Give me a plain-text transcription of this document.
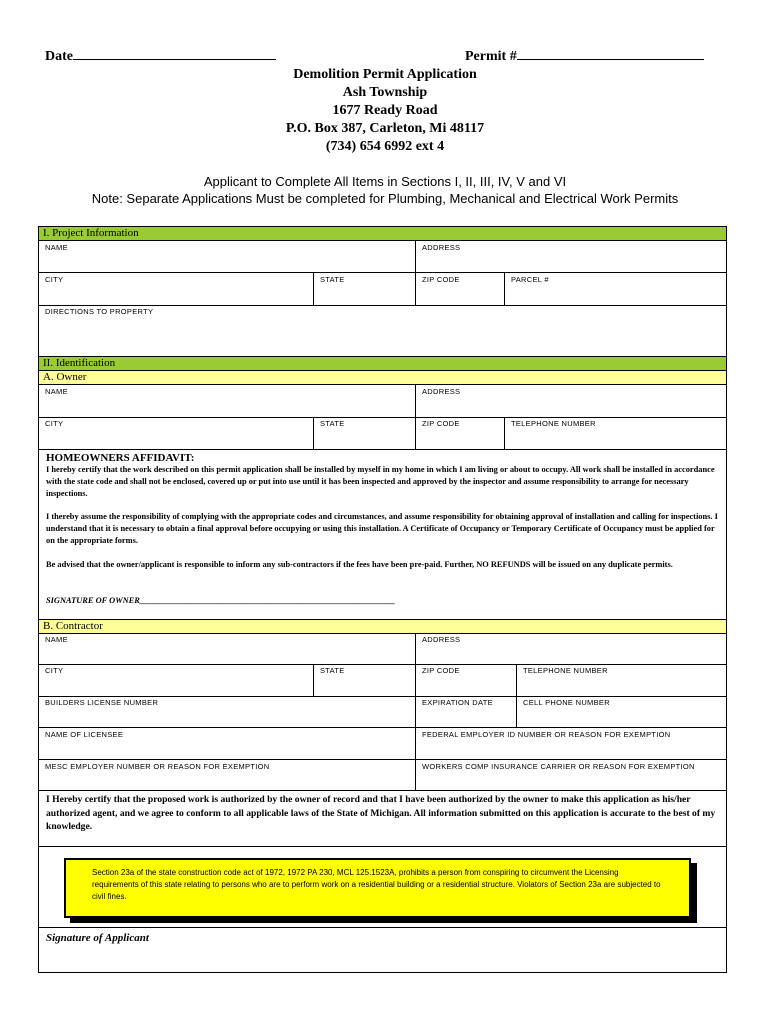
Date	Permit #
Demolition Permit Application
Ash Township
1677 Ready Road
P.O. Box 387, Carleton, Mi 48117
(734) 654 6992 ext 4
Applicant to Complete All Items in Sections I, II, III, IV, V and VI
Note: Separate Applications Must be completed for Plumbing, Mechanical and Electrical Work Permits
I. Project Information
NAME	ADDRESS
CITY	STATE	ZIP CODE	PARCEL #
DIRECTIONS TO PROPERTY
II. Identification
A. Owner
NAME	ADDRESS
CITY	STATE	ZIP CODE	TELEPHONE NUMBER
HOMEOWNERS AFFIDAVIT:
I hereby certify that the work described on this permit application shall be installed by myself in my home in which I am living or about to occupy. All work shall be installed in accordance with the state code and shall not be enclosed, covered up or put into use until it has been inspected and approved by the inspector and assume responsibility to arrange for necessary inspections.
I thereby assume the responsibility of complying with the appropriate codes and circumstances, and assume responsibility for obtaining approval of installation and calling for inspections. I understand that it is necessary to obtain a final approval before occupying or using this installation. A Certificate of Occupancy or Temporary Certificate of Occupancy must be applied for on the appropriate forms.
Be advised that the owner/applicant is responsible to inform any sub-contractors if the fees have been pre-paid. Further, NO REFUNDS will be issued on any duplicate permits.
SIGNATURE OF OWNER_____________________________________________________________
B. Contractor
NAME	ADDRESS
CITY	STATE	ZIP CODE	TELEPHONE NUMBER
BUILDERS LICENSE NUMBER	EXPIRATION DATE	CELL PHONE NUMBER
NAME OF LICENSEE	FEDERAL EMPLOYER ID NUMBER OR REASON FOR EXEMPTION
MESC EMPLOYER NUMBER OR REASON FOR EXEMPTION	WORKERS COMP INSURANCE CARRIER OR REASON FOR EXEMPTION
I Hereby certify that the proposed work is authorized by the owner of record and that I have been authorized by the owner to make this application as his/her authorized agent, and we agree to conform to all applicable laws of the State of Michigan. All information submitted on this application is accurate to the best of my knowledge.
Section 23a of the state construction code act of 1972, 1972 PA 230, MCL 125.1523A, prohibits a person from conspiring to circumvent the Licensing requirements of this state relating to persons who are to perform work on a residential building or a residential structure. Violators of Section 23a are subjected to civil fines.
Signature of Applicant
